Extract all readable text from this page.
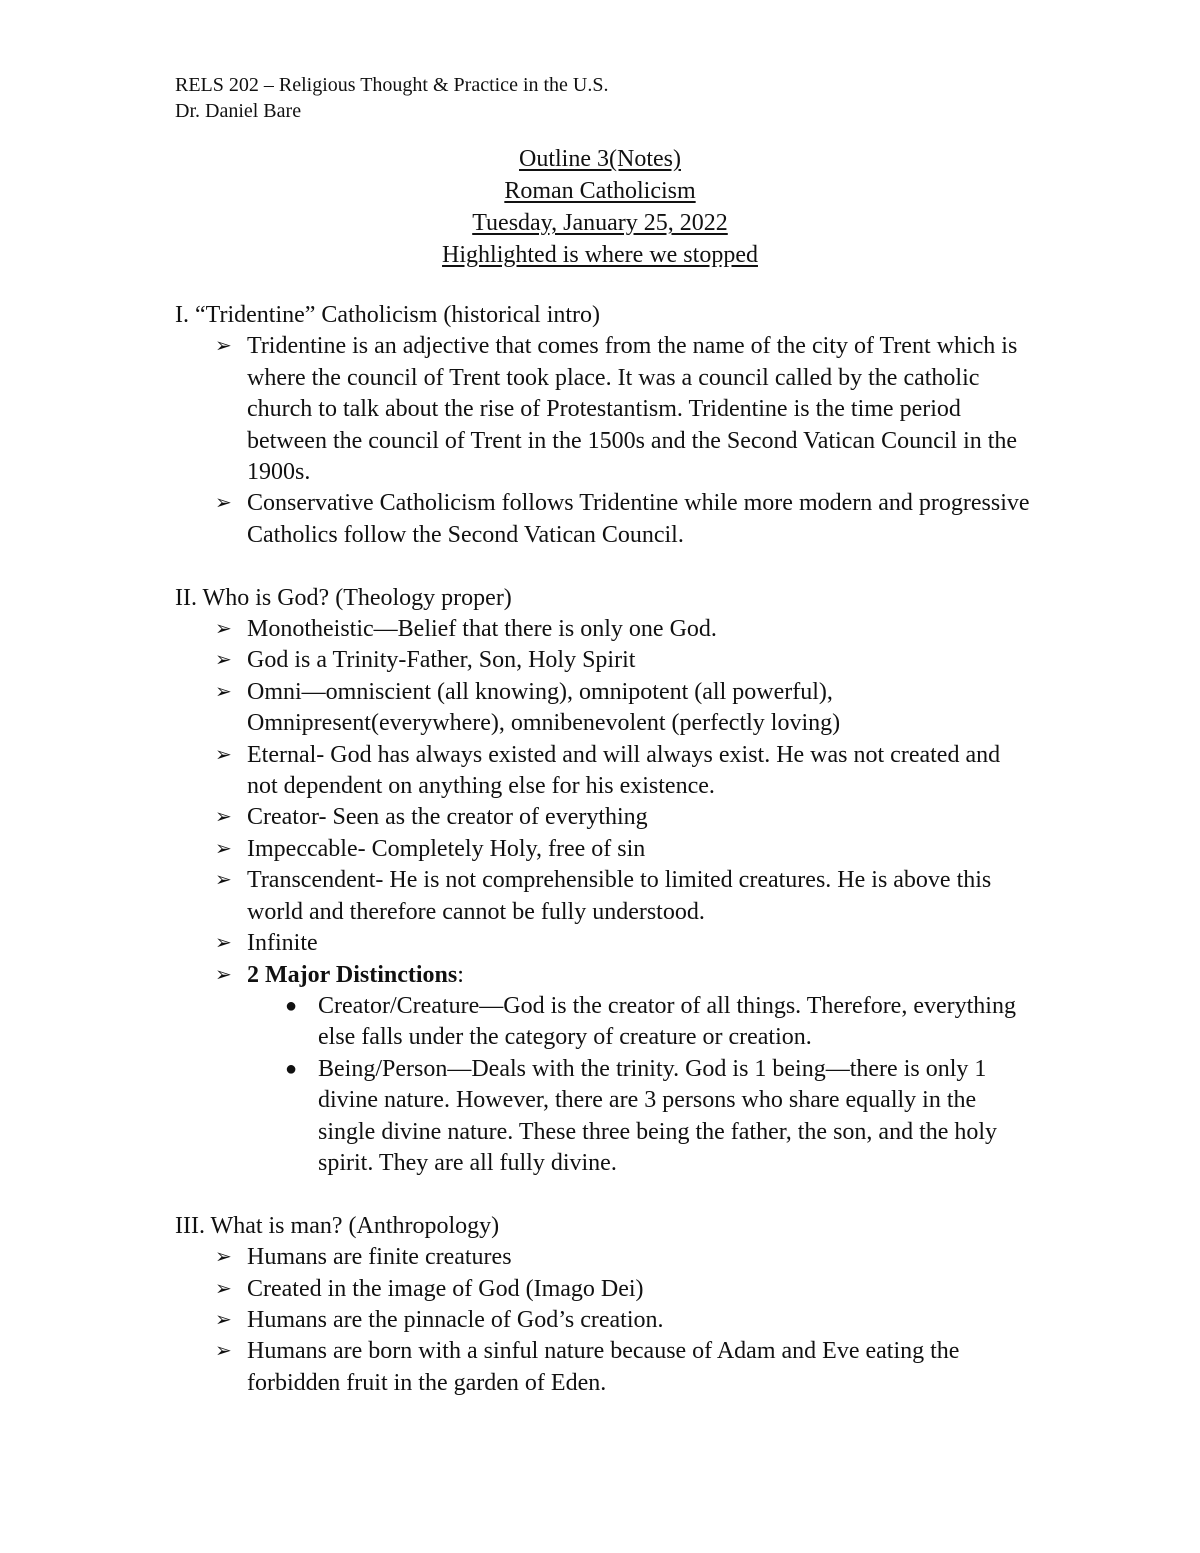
RELS 202 – Religious Thought & Practice in the U.S.
Dr. Daniel Bare
Outline 3(Notes)
Roman Catholicism
Tuesday, January 25, 2022
Highlighted is where we stopped
I. “Tridentine” Catholicism (historical intro)
➢ Tridentine is an adjective that comes from the name of the city of Trent which is where the council of Trent took place. It was a council called by the catholic church to talk about the rise of Protestantism. Tridentine is the time period between the council of Trent in the 1500s and the Second Vatican Council in the 1900s.
➢ Conservative Catholicism follows Tridentine while more modern and progressive Catholics follow the Second Vatican Council.
II. Who is God? (Theology proper)
➢ Monotheistic—Belief that there is only one God.
➢ God is a Trinity-Father, Son, Holy Spirit
➢ Omni—omniscient (all knowing), omnipotent (all powerful), Omnipresent(everywhere), omnibenevolent (perfectly loving)
➢ Eternal- God has always existed and will always exist. He was not created and not dependent on anything else for his existence.
➢ Creator- Seen as the creator of everything
➢ Impeccable- Completely Holy, free of sin
➢ Transcendent- He is not comprehensible to limited creatures. He is above this world and therefore cannot be fully understood.
➢ Infinite
➢ 2 Major Distinctions:
● Creator/Creature—God is the creator of all things. Therefore, everything else falls under the category of creature or creation.
● Being/Person—Deals with the trinity. God is 1 being—there is only 1 divine nature. However, there are 3 persons who share equally in the single divine nature. These three being the father, the son, and the holy spirit. They are all fully divine.
III. What is man? (Anthropology)
➢ Humans are finite creatures
➢ Created in the image of God (Imago Dei)
➢ Humans are the pinnacle of God’s creation.
➢ Humans are born with a sinful nature because of Adam and Eve eating the forbidden fruit in the garden of Eden.
